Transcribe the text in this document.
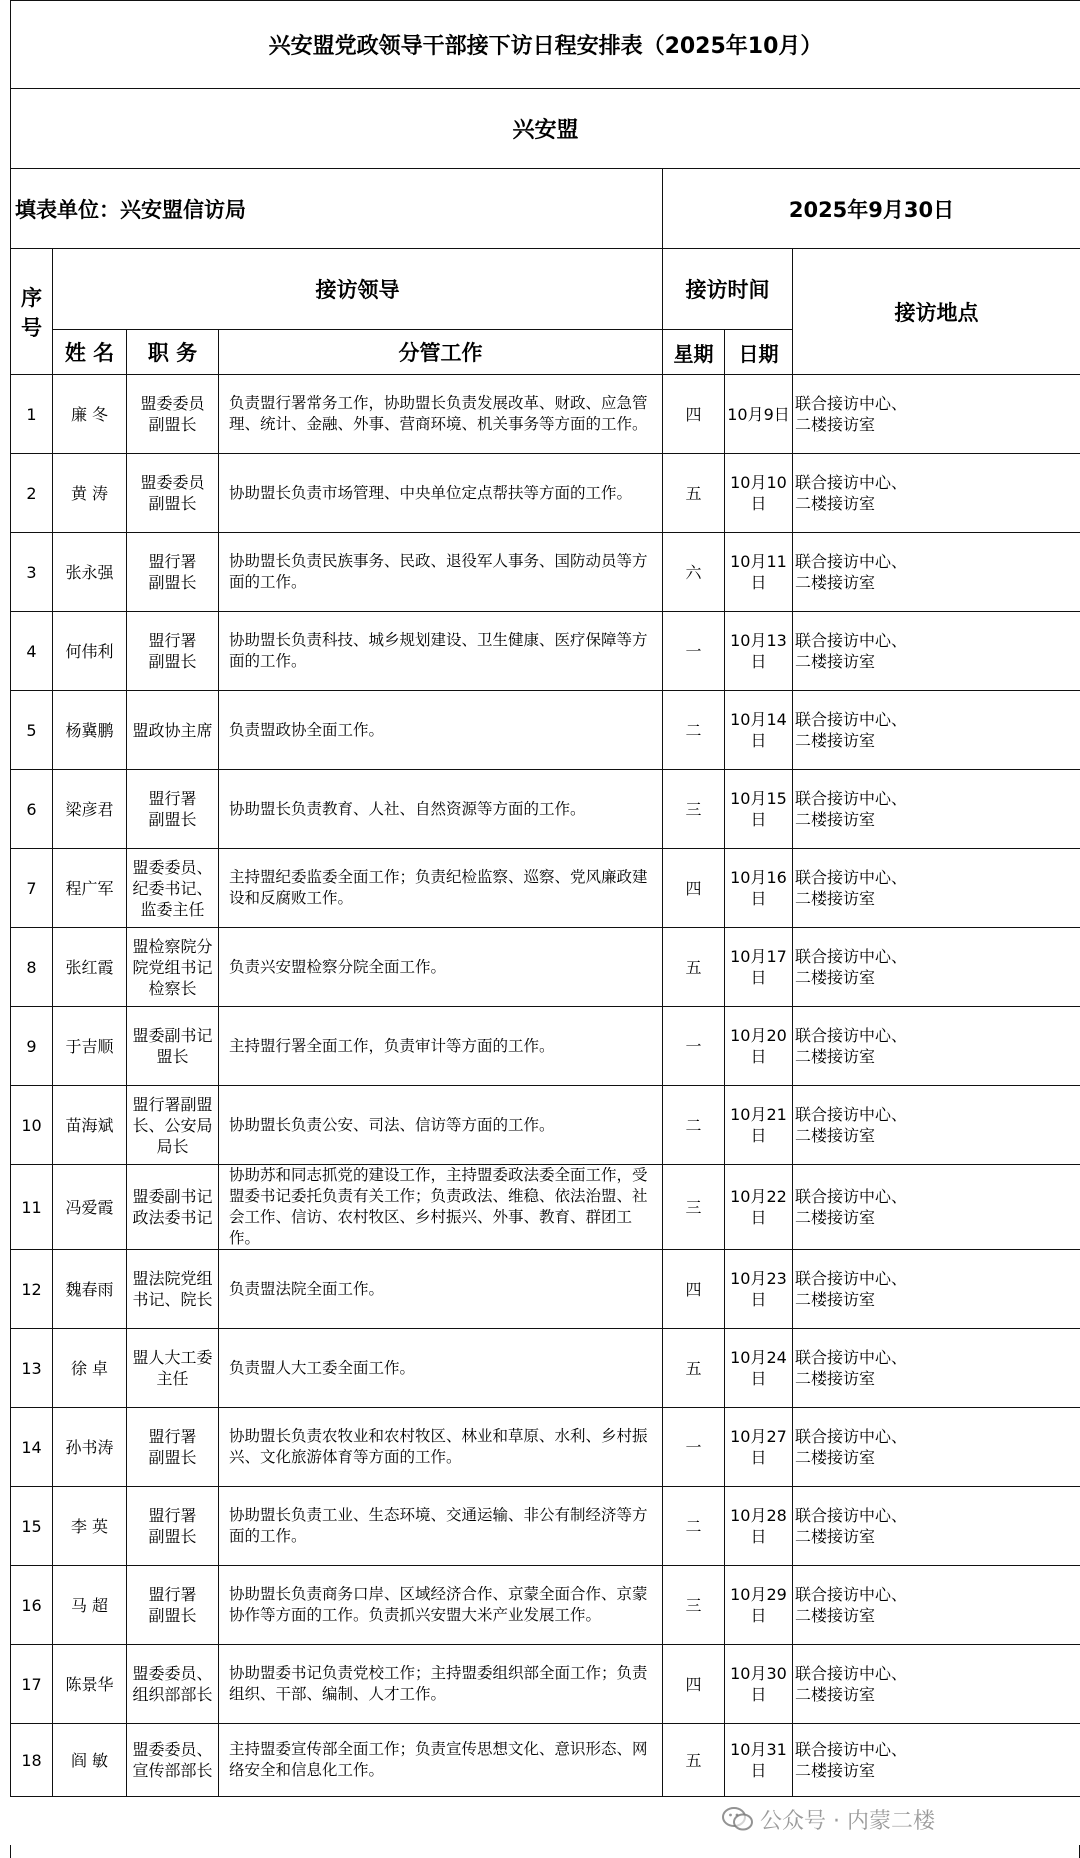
兴安盟党政领导干部接下访日程安排表（2025年10月）						
兴安盟						
填表单位：兴安盟信访局				2025年9月30日		
序号	接访领导			接访时间		接访地点
	姓 名	职 务	分管工作			
				星期	日期	
1	廉 冬	盟委委员
副盟长	负责盟行署常务工作，协助盟长负责发展改革、财政、应急管理、统计、金融、外事、营商环境、机关事务等方面的工作。	四	10月9日	联合接访中心、
二楼接访室
2	黄 涛	盟委委员
副盟长	协助盟长负责市场管理、中央单位定点帮扶等方面的工作。	五	10月10日	联合接访中心、
二楼接访室
3	张永强	盟行署
副盟长	协助盟长负责民族事务、民政、退役军人事务、国防动员等方面的工作。	六	10月11日	联合接访中心、
二楼接访室
4	何伟利	盟行署
副盟长	协助盟长负责科技、城乡规划建设、卫生健康、医疗保障等方面的工作。	一	10月13日	联合接访中心、
二楼接访室
5	杨冀鹏	盟政协主席	负责盟政协全面工作。	二	10月14日	联合接访中心、
二楼接访室
6	梁彦君	盟行署
副盟长	协助盟长负责教育、人社、自然资源等方面的工作。	三	10月15日	联合接访中心、
二楼接访室
7	程广军	盟委委员、
纪委书记、
监委主任	主持盟纪委监委全面工作；负责纪检监察、巡察、党风廉政建设和反腐败工作。	四	10月16日	联合接访中心、
二楼接访室
8	张红霞	盟检察院分
院党组书记
检察长	负责兴安盟检察分院全面工作。	五	10月17日	联合接访中心、
二楼接访室
9	于吉顺	盟委副书记
盟长	主持盟行署全面工作，负责审计等方面的工作。	一	10月20日	联合接访中心、
二楼接访室
10	苗海斌	盟行署副盟
长、公安局
局长	协助盟长负责公安、司法、信访等方面的工作。	二	10月21日	联合接访中心、
二楼接访室
11	冯爱霞	盟委副书记
政法委书记	协助苏和同志抓党的建设工作，主持盟委政法委全面工作，受盟委书记委托负责有关工作；负责政法、维稳、依法治盟、社会工作、信访、农村牧区、乡村振兴、外事、教育、群团工作。	三	10月22日	联合接访中心、
二楼接访室
12	魏春雨	盟法院党组
书记、院长	负责盟法院全面工作。	四	10月23日	联合接访中心、
二楼接访室
13	徐 卓	盟人大工委
主任	负责盟人大工委全面工作。	五	10月24日	联合接访中心、
二楼接访室
14	孙书涛	盟行署
副盟长	协助盟长负责农牧业和农村牧区、林业和草原、水利、乡村振兴、文化旅游体育等方面的工作。	一	10月27日	联合接访中心、
二楼接访室
15	李 英	盟行署
副盟长	协助盟长负责工业、生态环境、交通运输、非公有制经济等方面的工作。	二	10月28日	联合接访中心、
二楼接访室
16	马 超	盟行署
副盟长	协助盟长负责商务口岸、区域经济合作、京蒙全面合作、京蒙协作等方面的工作。负责抓兴安盟大米产业发展工作。	三	10月29日	联合接访中心、
二楼接访室
17	陈景华	盟委委员、
组织部部长	协助盟委书记负责党校工作；主持盟委组织部全面工作；负责组织、干部、编制、人才工作。	四	10月30日	联合接访中心、
二楼接访室
18	阎 敏	盟委委员、
宣传部部长	主持盟委宣传部全面工作；负责宣传思想文化、意识形态、网络安全和信息化工作。	五	10月31日	联合接访中心、
二楼接访室
公众号 · 内蒙二楼
